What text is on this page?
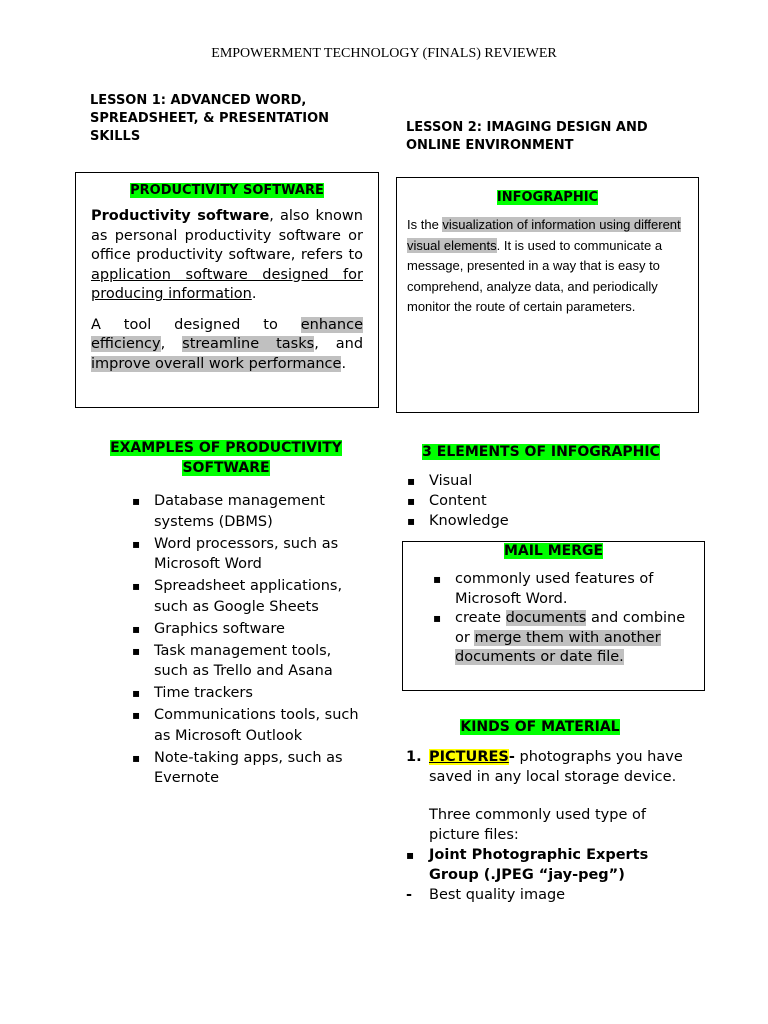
EMPOWERMENT TECHNOLOGY (FINALS) REVIEWER
LESSON 1: ADVANCED WORD, SPREADSHEET, & PRESENTATION SKILLS
LESSON 2: IMAGING DESIGN AND ONLINE ENVIRONMENT
PRODUCTIVITY SOFTWARE

Productivity software, also known as personal productivity software or office productivity software, refers to application software designed for producing information.

A tool designed to enhance efficiency, streamline tasks, and improve overall work performance.

INFOGRAPHIC

Is the visualization of information using different visual elements. It is used to communicate a message, presented in a way that is easy to comprehend, analyze data, and periodically monitor the route of certain parameters.

EXAMPLES OF PRODUCTIVITY SOFTWARE
▪ Database management systems (DBMS)
▪ Word processors, such as Microsoft Word
▪ Spreadsheet applications, such as Google Sheets
▪ Graphics software
▪ Task management tools, such as Trello and Asana
▪ Time trackers
▪ Communications tools, such as Microsoft Outlook
▪ Note-taking apps, such as Evernote
3 ELEMENTS OF INFOGRAPHIC
▪ Visual
▪ Content
▪ Knowledge
MAIL MERGE
▪ commonly used features of Microsoft Word.
▪ create documents and combine or merge them with another documents or date file.
KINDS OF MATERIAL
1. PICTURES- photographs you have saved in any local storage device.
Three commonly used type of picture files:
▪ Joint Photographic Experts Group (.JPEG “jay-peg”)
- Best quality image
